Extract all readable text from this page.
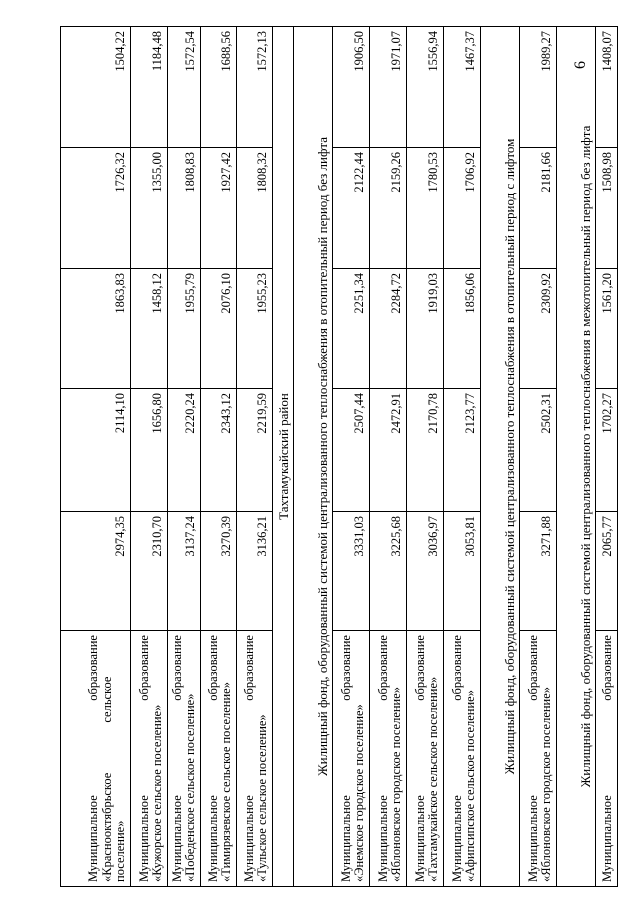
6
Муниципальное
образование
«Краснооктябрьское                сельское поселение»	2974,35	2114,10	1863,83	1726,32	1504,22

Муниципальное
образование
«Кужорское сельское поселение»	2310,70	1656,80	1458,12	1355,00	1184,48

Муниципальное
образование
«Победенское сельское поселение»	3137,24	2220,24	1955,79	1808,83	1572,54

Муниципальное
образование
«Тимирязевское сельское поселение»	3270,39	2343,12	2076,10	1927,42	1688,56

Муниципальное
образование
«Тульское сельское поселение»	3136,21	2219,59	1955,23	1808,32	1572,13
Тахтамукайский район					
Жилищный фонд, оборудованный системой централизованного теплоснабжения в отопительный период без лифта					

Муниципальное
образование
«Энемское городское поселение»	3331,03	2507,44	2251,34	2122,44	1906,50

Муниципальное
образование
«Яблоновское городское поселение»	3225,68	2472,91	2284,72	2159,26	1971,07

Муниципальное
образование
«Тахтамукайское сельское поселение»	3036,97	2170,78	1919,03	1780,53	1556,94

Муниципальное
образование
«Афипсипское сельское поселение»	3053,81	2123,77	1856,06	1706,92	1467,37
Жилищный фонд, оборудованный системой централизованного теплоснабжения в отопительный период с лифтом					

Муниципальное
образование
«Яблоновское городское поселение»	3271,88	2502,31	2309,92	2181,66	1989,27
Жилищный фонд, оборудованный системой централизованного теплоснабжения в межотопительный период без лифта					

Муниципальное
образование	2065,77	1702,27	1561,20	1508,98	1408,07
